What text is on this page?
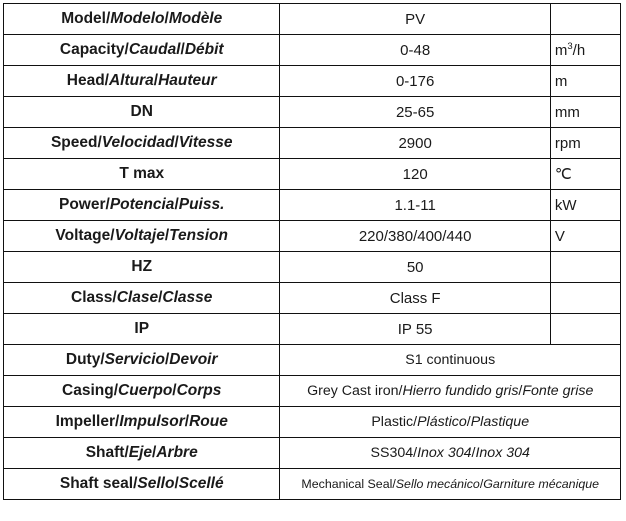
Model/Modelo/Modèle	PV	
Capacity/Caudal/Débit	0-48	$m^3/h$
Head/Altura/Hauteur	0-176	m
DN	25-65	mm
Speed/Velocidad/Vitesse	2900	rpm
T max	120	℃
Power/Potencia/Puiss.	1.1-11	kW
Voltage/Voltaje/Tension	220/380/400/440	V
HZ	50	
Class/Clase/Classe	Class F	
IP	IP 55	
Duty/Servicio/Devoir	S1 continuous	
Casing/Cuerpo/Corps	Grey Cast iron/Hierro fundido gris/Fonte grise	
Impeller/Impulsor/Roue	Plastic/Plástico/Plastique	
Shaft/Eje/Arbre	SS304/Inox 304/Inox 304	
Shaft seal/Sello/Scellé	Mechanical Seal/Sello mecánico/Garniture mécanique	
